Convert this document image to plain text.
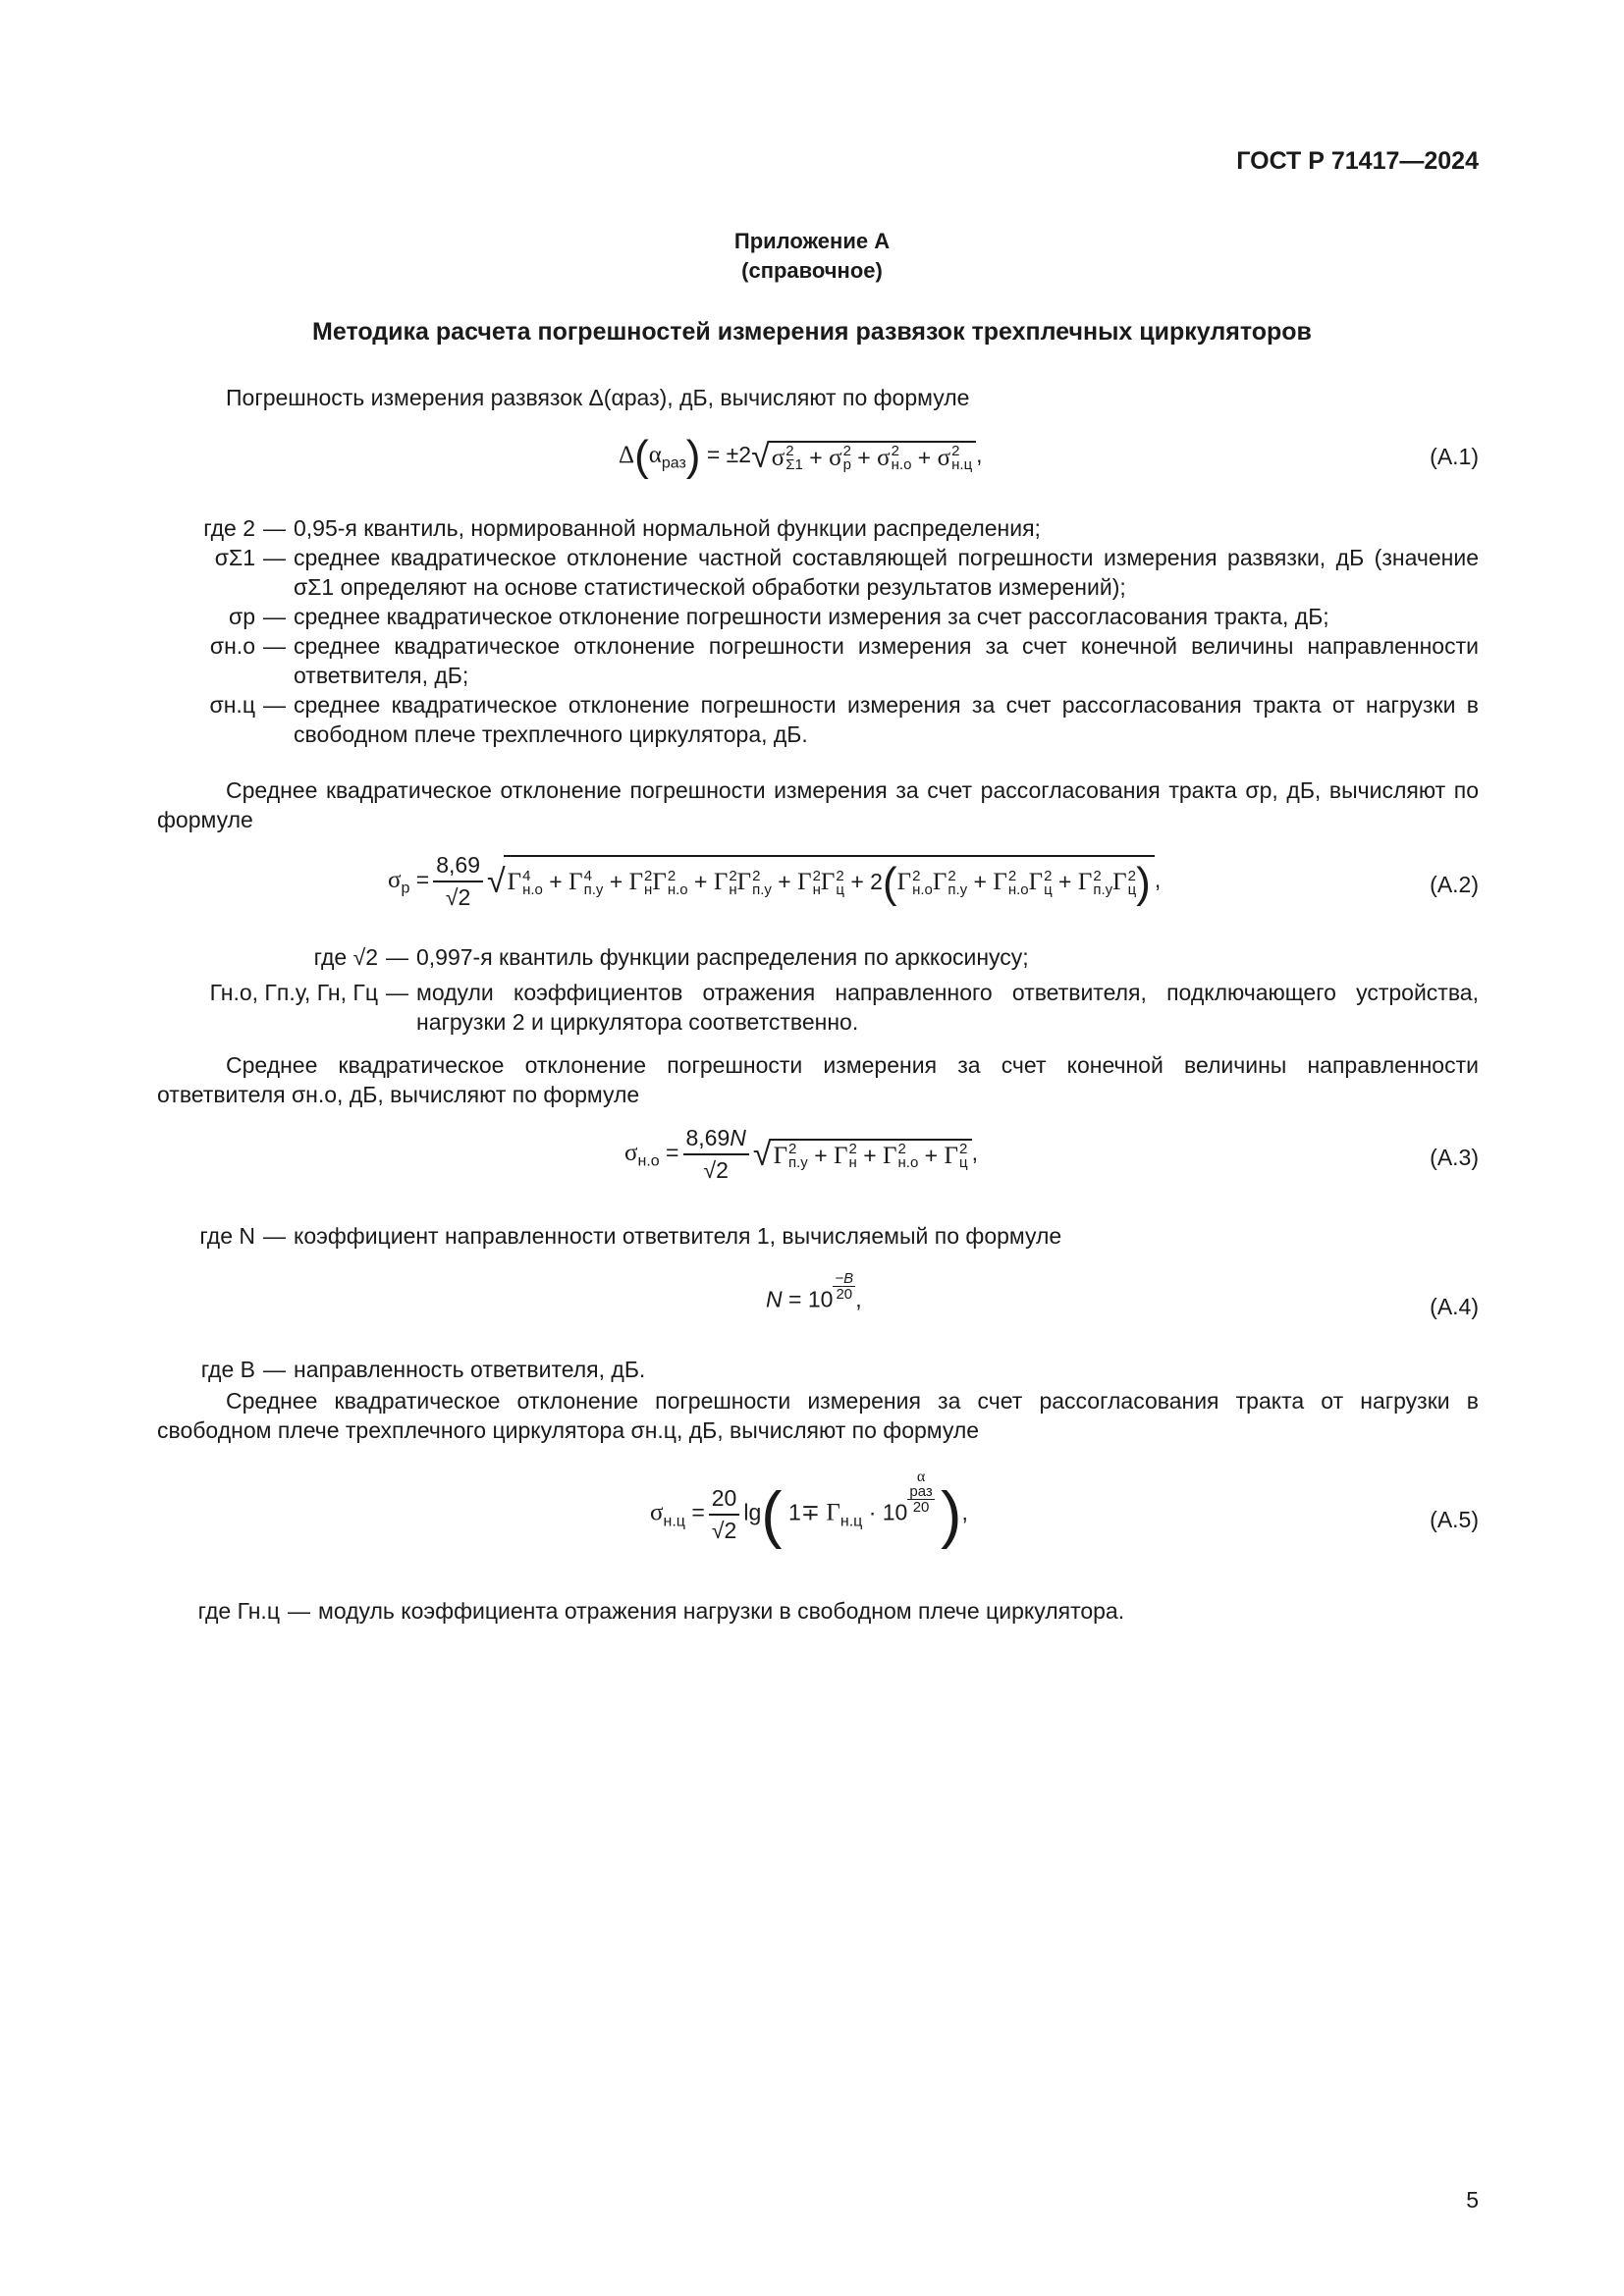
ГОСТ Р 71417—2024
Приложение А
(справочное)
Методика расчета погрешностей измерения развязок трехплечных циркуляторов
Погрешность измерения развязок Δ(αраз), дБ, вычисляют по формуле
$\Delta(\alpha_{раз}) = \pm 2√\sigma$ 2
Σ1 + σ 2
р + σ 2
н.о + σ 2
н.ц ,	(А.1)
где 2 — 0,95-я квантиль, нормированной нормальной функции распределения;
σΣ1 — среднее квадратическое отклонение частной составляющей погрешности измерения развязки, дБ (значение σΣ1 определяют на основе статистической обработки результатов измерений);
σр — среднее квадратическое отклонение погрешности измерения за счет рассогласования тракта, дБ;
σн.о — среднее квадратическое отклонение погрешности измерения за счет конечной величины направленности ответвителя, дБ;
σн.ц — среднее квадратическое отклонение погрешности измерения за счет рассогласования тракта от нагрузки в свободном плече трехплечного циркулятора, дБ.
Среднее квадратическое отклонение погрешности измерения за счет рассогласования тракта σр, дБ, вычисляют по формуле
$\sigma_р = \frac{8,69}{√2} √Г$ 4
н.о + Г 4
п.у + Г 2
н Г 2
н.о + Г 2
н Г 2
п.у + Г 2
н Г 2
ц + 2(Г 2
н.о Г 2
п.у + Г 2
н.о Г 2
ц + Г 2
п.у Г 2
ц ) ,	(А.2)
где √2 — 0,997-я квантиль функции распределения по арккосинусу;
Гн.о, Гп.у, Гн, Гц — модули коэффициентов отражения направленного ответвителя, подключающего устройства, нагрузки 2 и циркулятора соответственно.
Среднее квадратическое отклонение погрешности измерения за счет конечной величины направленности ответвителя σн.о, дБ, вычисляют по формуле
$\sigma_{н.о} = \frac{8,69N}{√2} √Г$ 2
п.у + Г 2
н + Г 2
н.о + Г 2
ц ,	(А.3)
где N — коэффициент направленности ответвителя 1, вычисляемый по формуле
$N = 10 \frac{-B}{20}$ ,	(А.4)
где В — направленность ответвителя, дБ.
Среднее квадратическое отклонение погрешности измерения за счет рассогласования тракта от нагрузки в свободном плече трехплечного циркулятора σн.ц, дБ, вычисляют по формуле
$\sigma_{н.ц} = \frac{20}{√2} \lg$( $1\mp Г_{н.ц} \cdot 10$
α
раз
20 ),	(А.5)
где Гн.ц — модуль коэффициента отражения нагрузки в свободном плече циркулятора.
5
